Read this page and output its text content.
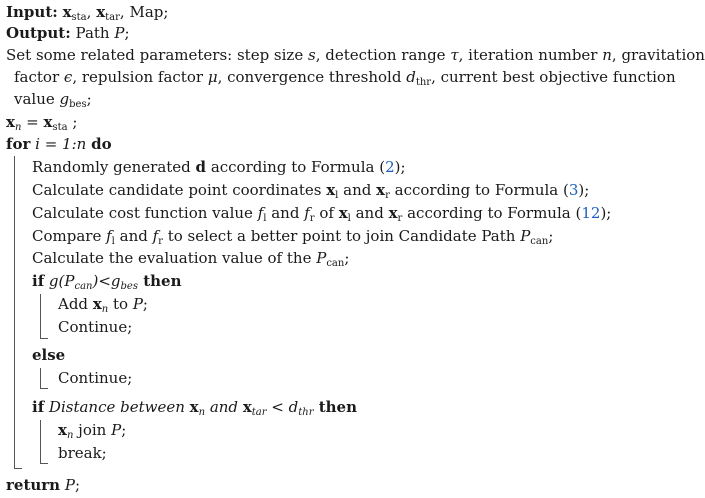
Input: $x_{sta}$, $x_{tar}$, Map;
Output: Path P;
Set some related parameters: step size s, detection range τ, iteration number n, gravitation
factor ϵ, repulsion factor μ, convergence threshold $d_{thr}$, current best objective function
value $g_{bes}$;
$x_n = x_{sta}$ ;
for i = 1:n do
Randomly generated d according to Formula (2);
Calculate candidate point coordinates $x_l$ and $x_r$ according to Formula (3);
Calculate cost function value $f_l$ and $f_r$ of $x_l$ and $x_r$ according to Formula (12);
Compare $f_l$ and $f_r$ to select a better point to join Candidate Path $P_{can}$;
Calculate the evaluation value of the $P_{can}$;
if $g(P_{can})<g_{bes}$ then
Add $x_n$ to P;
Continue;
else
Continue;
if Distance between $x_n$ and $x_{tar} < d_{thr}$ then
$x_n$ join P;
break;
return P;
